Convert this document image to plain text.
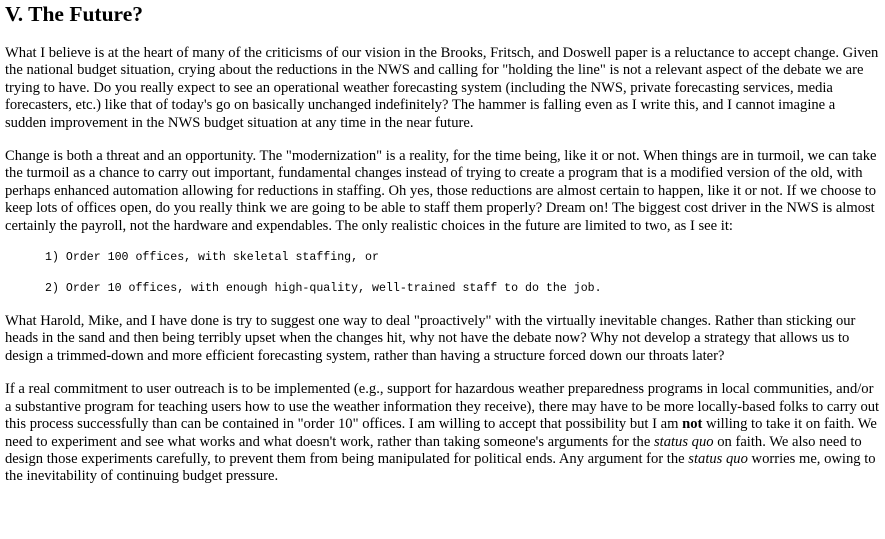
V. The Future?

What I believe is at the heart of many of the criticisms of our vision in the Brooks, Fritsch, and Doswell paper is a reluctance to accept change. Given the national budget situation, crying about the reductions in the NWS and calling for "holding the line" is not a relevant aspect of the debate we are trying to have. Do you really expect to see an operational weather forecasting system (including the NWS, private forecasting services, media forecasters, etc.) like that of today's go on basically unchanged indefinitely? The hammer is falling even as I write this, and I cannot imagine a sudden improvement in the NWS budget situation at any time in the near future.

Change is both a threat and an opportunity. The "modernization" is a reality, for the time being, like it or not. When things are in turmoil, we can take the turmoil as a chance to carry out important, fundamental changes instead of trying to create a program that is a modified version of the old, with perhaps enhanced automation allowing for reductions in staffing. Oh yes, those reductions are almost certain to happen, like it or not. If we choose to keep lots of offices open, do you really think we are going to be able to staff them properly? Dream on! The biggest cost driver in the NWS is almost certainly the payroll, not the hardware and expendables. The only realistic choices in the future are limited to two, as I see it:

1) Order 100 offices, with skeletal staffing, or
2) Order 10 offices, with enough high-quality, well-trained staff to do the job.

What Harold, Mike, and I have done is try to suggest one way to deal "proactively" with the virtually inevitable changes. Rather than sticking our heads in the sand and then being terribly upset when the changes hit, why not have the debate now? Why not develop a strategy that allows us to design a trimmed-down and more efficient forecasting system, rather than having a structure forced down our throats later?

If a real commitment to user outreach is to be implemented (e.g., support for hazardous weather preparedness programs in local communities, and/or a substantive program for teaching users how to use the weather information they receive), there may have to be more locally-based folks to carry out this process successfully than can be contained in "order 10" offices. I am willing to accept that possibility but I am not willing to take it on faith. We need to experiment and see what works and what doesn't work, rather than taking someone's arguments for the status quo on faith. We also need to design those experiments carefully, to prevent them from being manipulated for political ends. Any argument for the status quo worries me, owing to the inevitability of continuing budget pressure.
